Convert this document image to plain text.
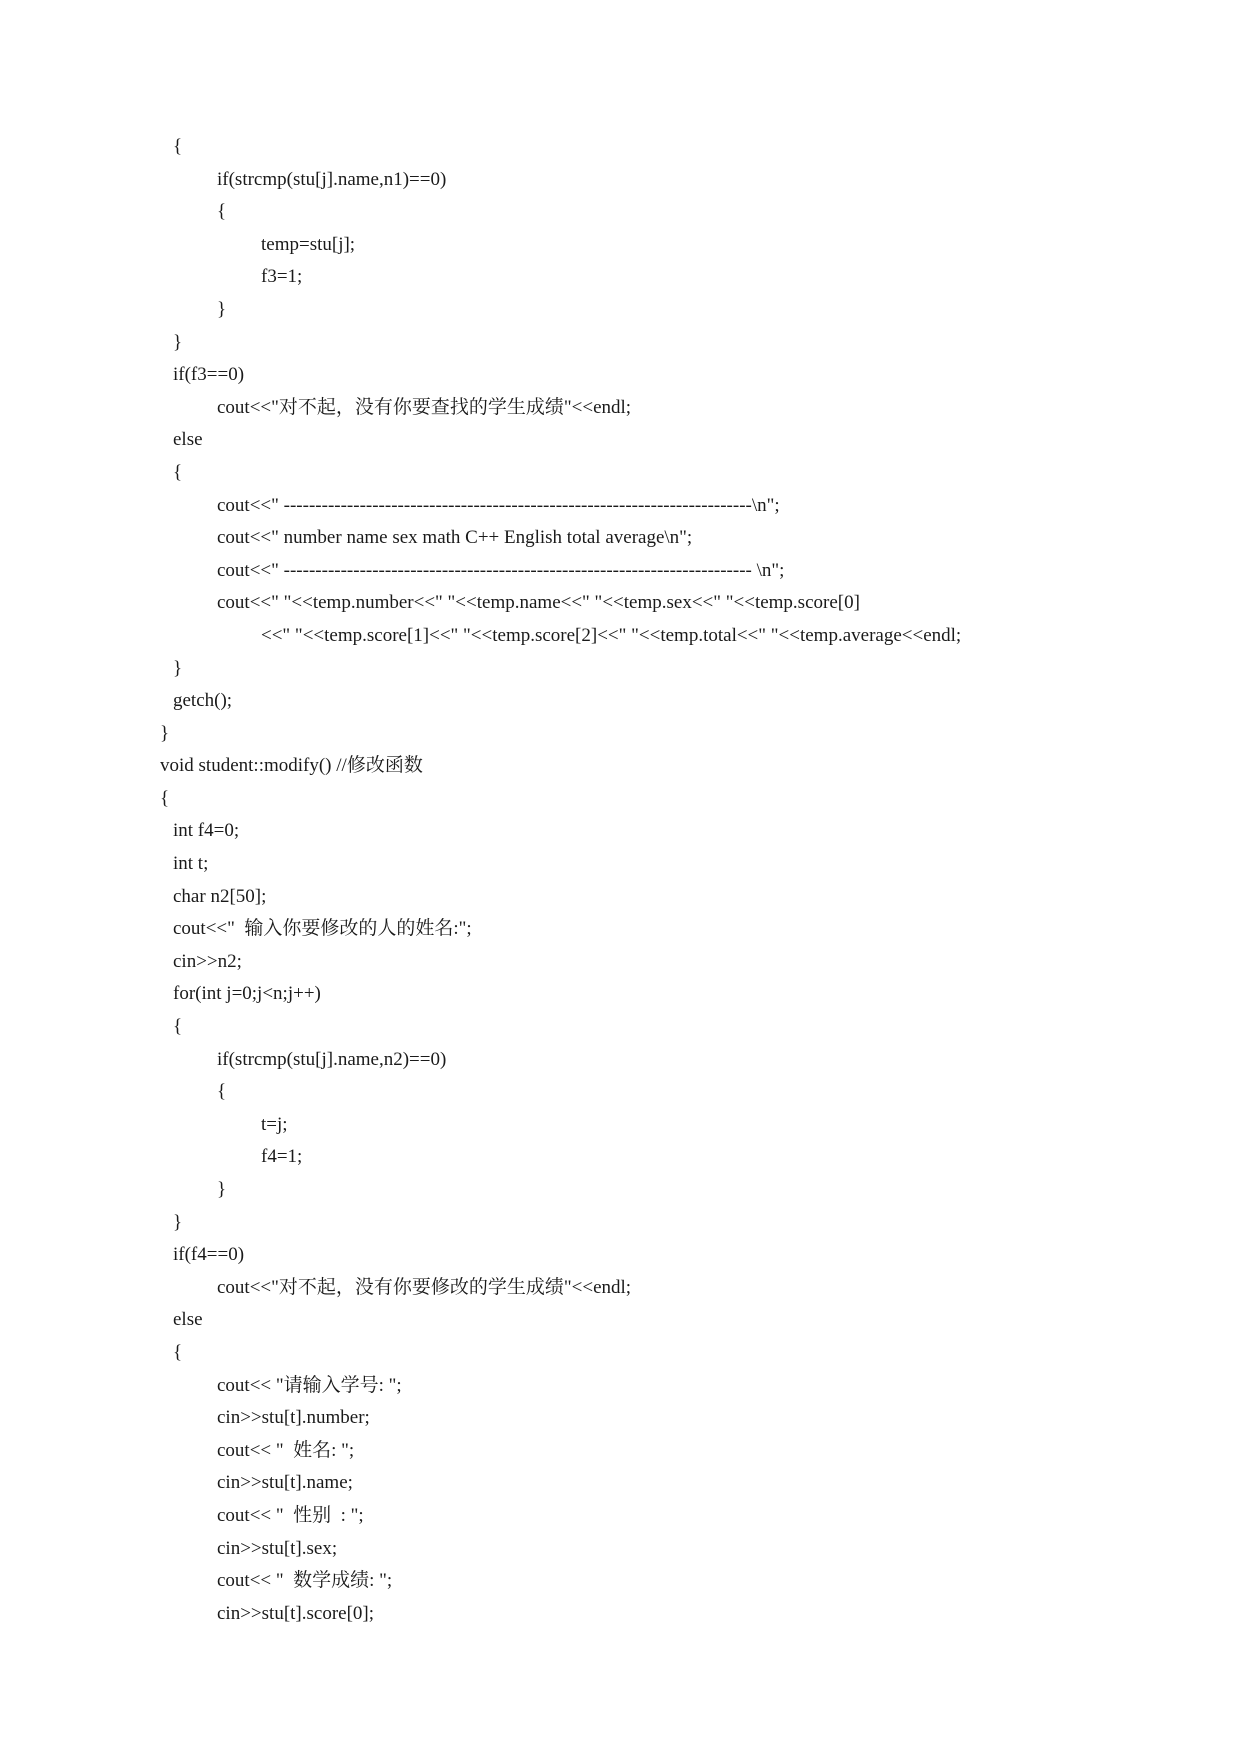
{
if(strcmp(stu[j].name,n1)==0)
{
temp=stu[j];
f3=1;
}
}
if(f3==0)
cout<<"对不起，没有你要查找的学生成绩"<<endl;
else
{
cout<<" --------------------------------------------------------------------------\n";
cout<<" number name sex math C++ English total average\n";
cout<<" -------------------------------------------------------------------------- \n";
cout<<" "<<temp.number<<" "<<temp.name<<" "<<temp.sex<<" "<<temp.score[0]
<<" "<<temp.score[1]<<" "<<temp.score[2]<<" "<<temp.total<<" "<<temp.average<<endl;
}
getch();
}
void student::modify() //修改函数
{
int f4=0;
int t;
char n2[50];
cout<<"  输入你要修改的人的姓名:";
cin>>n2;
for(int j=0;j<n;j++)
{
if(strcmp(stu[j].name,n2)==0)
{
t=j;
f4=1;
}
}
if(f4==0)
cout<<"对不起，没有你要修改的学生成绩"<<endl;
else
{
cout<< "请输入学号: ";
cin>>stu[t].number;
cout<< "  姓名: ";
cin>>stu[t].name;
cout<< "  性别  : ";
cin>>stu[t].sex;
cout<< "  数学成绩: ";
cin>>stu[t].score[0];
